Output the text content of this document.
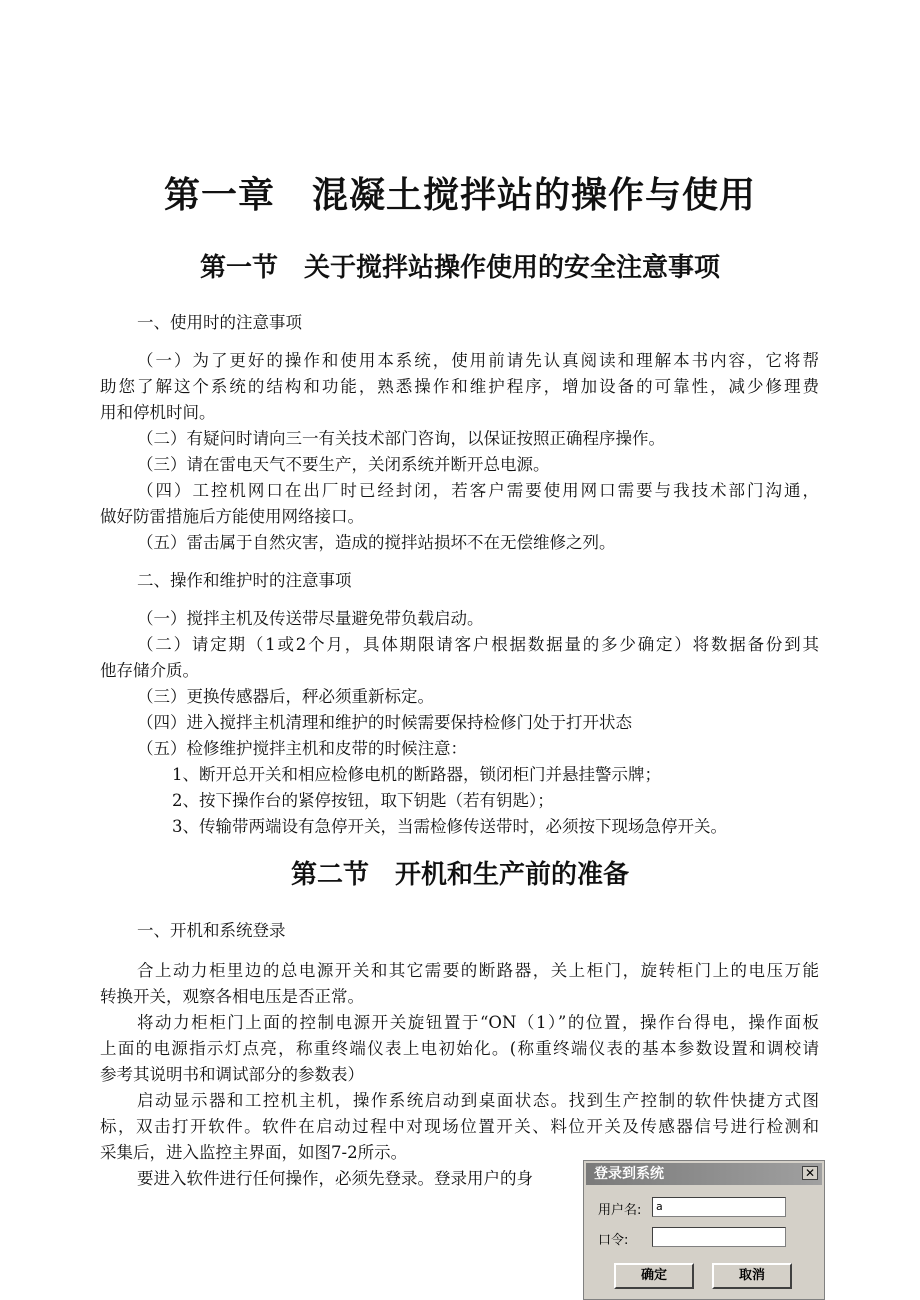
第一章　混凝土搅拌站的操作与使用
第一节　关于搅拌站操作使用的安全注意事项
一、使用时的注意事项
（一）为了更好的操作和使用本系统，使用前请先认真阅读和理解本书内容，它将帮
助您了解这个系统的结构和功能，熟悉操作和维护程序，增加设备的可靠性，减少修理费
用和停机时间。
（二）有疑问时请向三一有关技术部门咨询，以保证按照正确程序操作。
（三）请在雷电天气不要生产，关闭系统并断开总电源。
（四）工控机网口在出厂时已经封闭，若客户需要使用网口需要与我技术部门沟通，
做好防雷措施后方能使用网络接口。
（五）雷击属于自然灾害，造成的搅拌站损坏不在无偿维修之列。
二、操作和维护时的注意事项
（一）搅拌主机及传送带尽量避免带负载启动。
（二）请定期（1或2个月，具体期限请客户根据数据量的多少确定）将数据备份到其
他存储介质。
（三）更换传感器后，秤必须重新标定。
（四）进入搅拌主机清理和维护的时候需要保持检修门处于打开状态
（五）检修维护搅拌主机和皮带的时候注意：
1、断开总开关和相应检修电机的断路器，锁闭柜门并悬挂警示牌；
2、按下操作台的紧停按钮，取下钥匙（若有钥匙）；
3、传输带两端设有急停开关，当需检修传送带时，必须按下现场急停开关。
第二节　开机和生产前的准备
一、开机和系统登录
合上动力柜里边的总电源开关和其它需要的断路器，关上柜门，旋转柜门上的电压万能
转换开关，观察各相电压是否正常。
将动力柜柜门上面的控制电源开关旋钮置于“ON（1）”的位置，操作台得电，操作面板
上面的电源指示灯点亮，称重终端仪表上电初始化。(称重终端仪表的基本参数设置和调校请
参考其说明书和调试部分的参数表）
启动显示器和工控机主机，操作系统启动到桌面状态。找到生产控制的软件快捷方式图
标，双击打开软件。软件在启动过程中对现场位置开关、料位开关及传感器信号进行检测和
采集后，进入监控主界面，如图7-2所示。
要进入软件进行任何操作，必须先登录。登录用户的身	登录到系统	✕
用户名:	a
口令:
确定	取消
